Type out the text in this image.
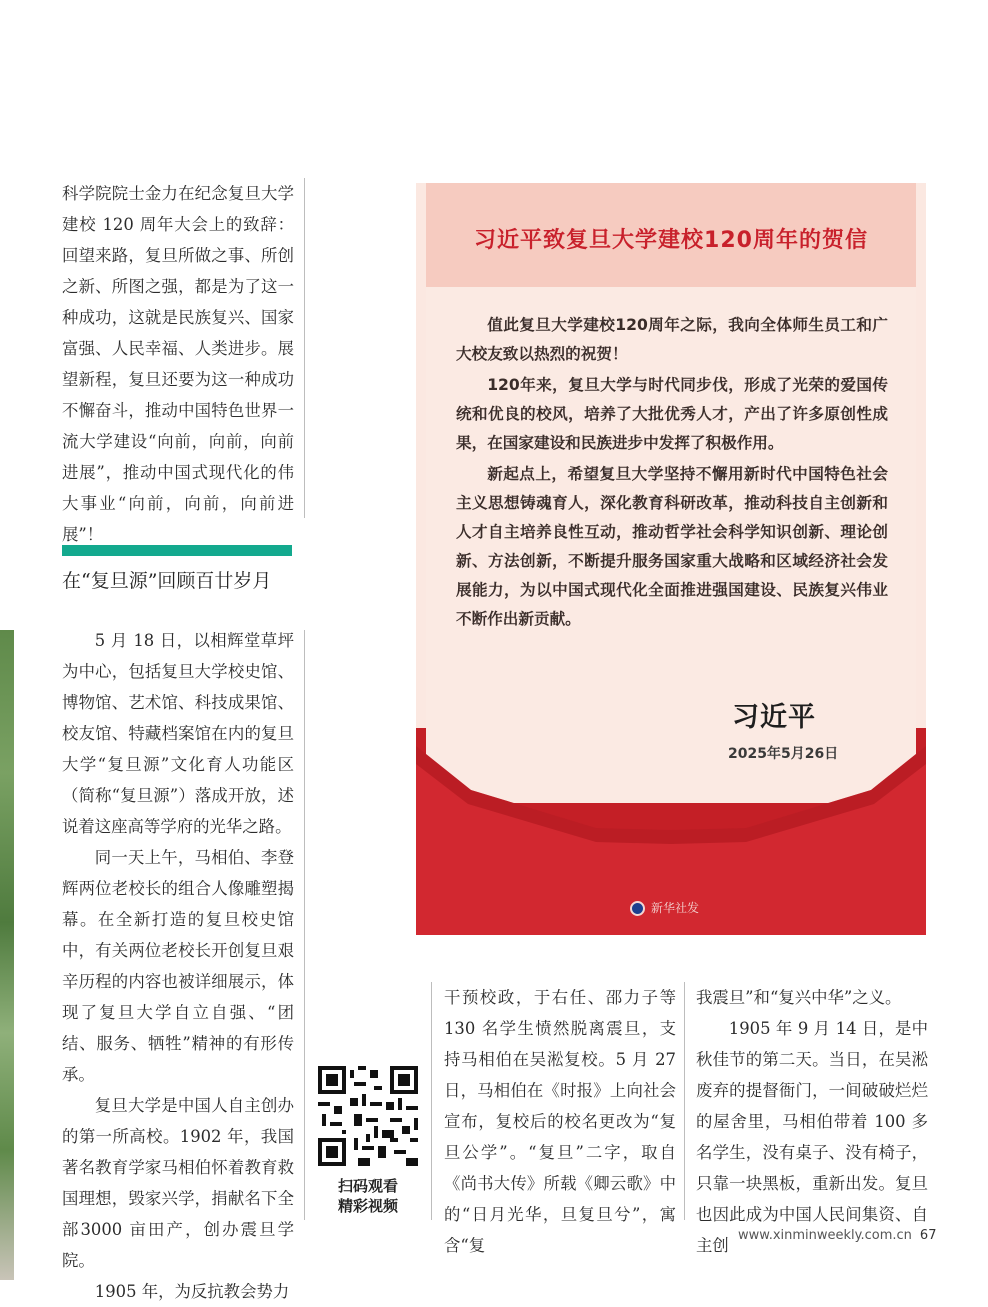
科学院院士金力在纪念复旦大学建校 120 周年大会上的致辞：回望来路，复旦所做之事、所创之新、所图之强，都是为了这一种成功，这就是民族复兴、国家富强、人民幸福、人类进步。展望新程，复旦还要为这一种成功不懈奋斗，推动中国特色世界一流大学建设“向前，向前，向前进展”，推动中国式现代化的伟大事业“向前，向前，向前进展”！

在“复旦源”回顾百廿岁月

5 月 18 日，以相辉堂草坪为中心，包括复旦大学校史馆、博物馆、艺术馆、科技成果馆、校友馆、特藏档案馆在内的复旦大学“复旦源”文化育人功能区（简称“复旦源”）落成开放，述说着这座高等学府的光华之路。

同一天上午，马相伯、李登辉两位老校长的组合人像雕塑揭幕。在全新打造的复旦校史馆中，有关两位老校长开创复旦艰辛历程的内容也被详细展示，体现了复旦大学自立自强、“团结、服务、牺牲”精神的有形传承。

复旦大学是中国人自主创办的第一所高校。1902 年，我国著名教育学家马相伯怀着教育救国理想，毁家兴学，捐献名下全部3000 亩田产，创办震旦学院。

1905 年，为反抗教会势力

习近平致复旦大学建校120周年的贺信

值此复旦大学建校120周年之际，我向全体师生员工和广大校友致以热烈的祝贺！

120年来，复旦大学与时代同步伐，形成了光荣的爱国传统和优良的校风，培养了大批优秀人才，产出了许多原创性成果，在国家建设和民族进步中发挥了积极作用。

新起点上，希望复旦大学坚持不懈用新时代中国特色社会主义思想铸魂育人，深化教育科研改革，推动科技自主创新和人才自主培养良性互动，推动哲学社会科学知识创新、理论创新、方法创新，不断提升服务国家重大战略和区域经济社会发展能力，为以中国式现代化全面推进强国建设、民族复兴伟业不断作出新贡献。

习近平
2025年5月26日
新华社发
扫码观看
精彩视频

干预校政，于右任、邵力子等130 名学生愤然脱离震旦，支持马相伯在吴淞复校。5 月 27 日，马相伯在《时报》上向社会宣布，复校后的校名更改为“复旦公学”。“复旦”二字，取自《尚书大传》所载《卿云歌》中的“日月光华，旦复旦兮”，寓含“复

我震旦”和“复兴中华”之义。

1905 年 9 月 14 日，是中秋佳节的第二天。当日，在吴淞废弃的提督衙门，一间破破烂烂的屋舍里，马相伯带着 100 多名学生，没有桌子、没有椅子，只靠一块黑板，重新出发。复旦也因此成为中国人民间集资、自主创

www.xinminweekly.com.cn 67
